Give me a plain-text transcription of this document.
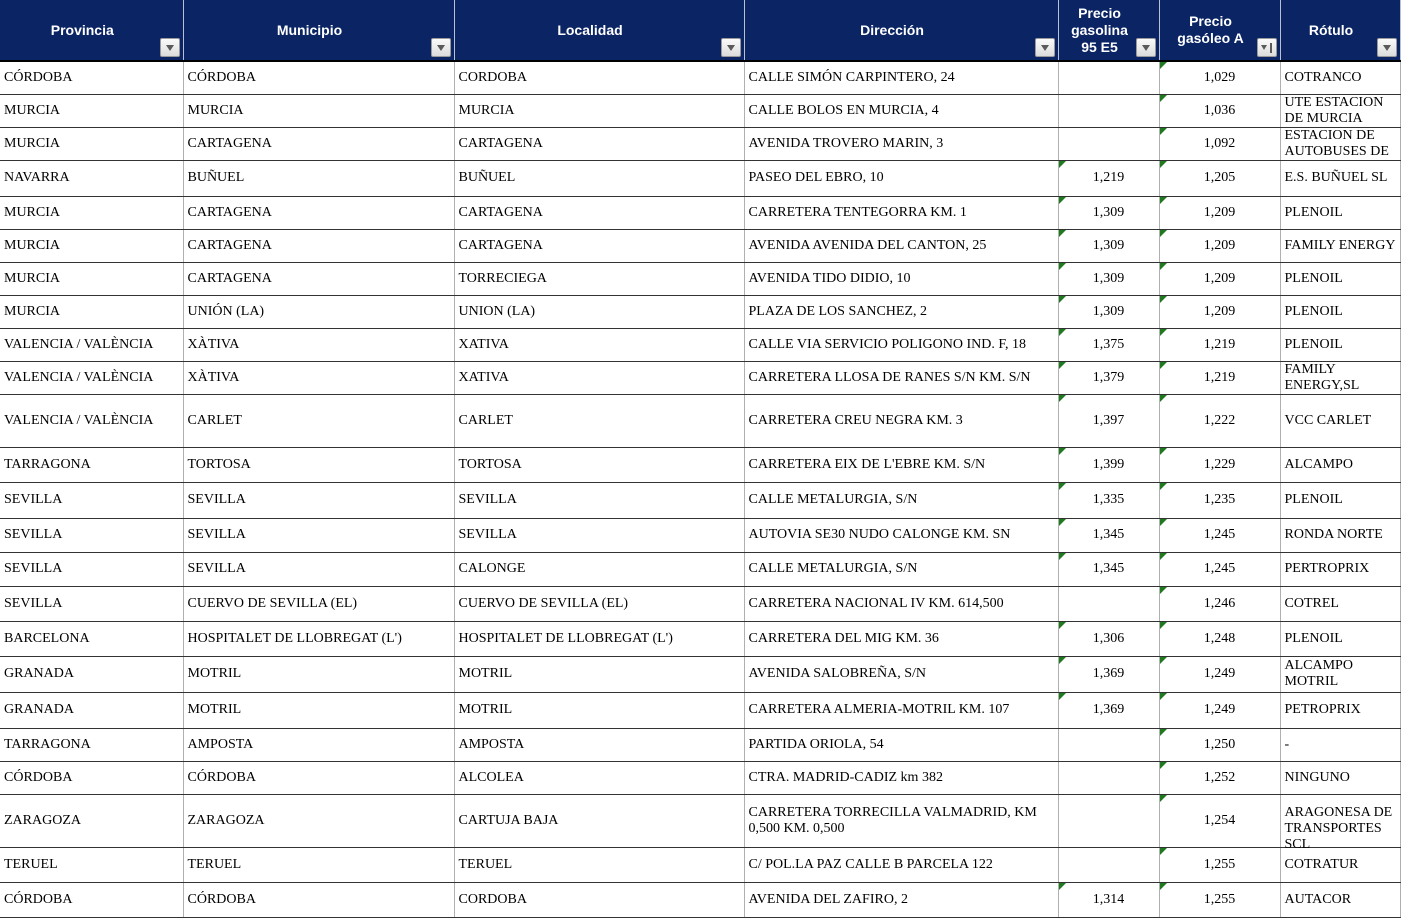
Provincia	Municipio	Localidad	Dirección	Precio gasolina 95 E5	Precio gasóleo A	Rótulo

CÓRDOBA	CÓRDOBA	CORDOBA	CALLE SIMÓN CARPINTERO, 24		1,029	COTRANCO

MURCIA	MURCIA	MURCIA	CALLE BOLOS EN MURCIA, 4		1,036	UTE ESTACION DE MURCIA

MURCIA	CARTAGENA	CARTAGENA	AVENIDA TROVERO MARIN, 3		1,092	ESTACION DE AUTOBUSES DE

NAVARRA	BUÑUEL	BUÑUEL	PASEO DEL EBRO, 10	1,219	1,205	E.S. BUÑUEL SL

MURCIA	CARTAGENA	CARTAGENA	CARRETERA TENTEGORRA KM. 1	1,309	1,209	PLENOIL

MURCIA	CARTAGENA	CARTAGENA	AVENIDA AVENIDA DEL CANTON, 25	1,309	1,209	FAMILY ENERGY

MURCIA	CARTAGENA	TORRECIEGA	AVENIDA TIDO DIDIO, 10	1,309	1,209	PLENOIL

MURCIA	UNIÓN (LA)	UNION (LA)	PLAZA DE LOS SANCHEZ, 2	1,309	1,209	PLENOIL

VALENCIA / VALÈNCIA	XÀTIVA	XATIVA	CALLE VIA SERVICIO POLIGONO IND. F, 18	1,375	1,219	PLENOIL

VALENCIA / VALÈNCIA	XÀTIVA	XATIVA	CARRETERA LLOSA DE RANES S/N KM. S/N	1,379	1,219	FAMILY ENERGY,SL

VALENCIA / VALÈNCIA	CARLET	CARLET	CARRETERA CREU NEGRA KM. 3	1,397	1,222	VCC CARLET

TARRAGONA	TORTOSA	TORTOSA	CARRETERA EIX DE L'EBRE KM. S/N	1,399	1,229	ALCAMPO

SEVILLA	SEVILLA	SEVILLA	CALLE METALURGIA, S/N	1,335	1,235	PLENOIL

SEVILLA	SEVILLA	SEVILLA	AUTOVIA SE30 NUDO CALONGE KM. SN	1,345	1,245	RONDA NORTE

SEVILLA	SEVILLA	CALONGE	CALLE METALURGIA, S/N	1,345	1,245	PERTROPRIX

SEVILLA	CUERVO DE SEVILLA (EL)	CUERVO DE SEVILLA (EL)	CARRETERA NACIONAL IV KM. 614,500		1,246	COTREL

BARCELONA	HOSPITALET DE LLOBREGAT (L')	HOSPITALET DE LLOBREGAT (L')	CARRETERA DEL MIG KM. 36	1,306	1,248	PLENOIL

GRANADA	MOTRIL	MOTRIL	AVENIDA SALOBREÑA, S/N	1,369	1,249	ALCAMPO MOTRIL

GRANADA	MOTRIL	MOTRIL	CARRETERA ALMERIA-MOTRIL KM. 107	1,369	1,249	PETROPRIX

TARRAGONA	AMPOSTA	AMPOSTA	PARTIDA ORIOLA, 54		1,250	-

CÓRDOBA	CÓRDOBA	ALCOLEA	CTRA. MADRID-CADIZ km 382		1,252	NINGUNO

ZARAGOZA	ZARAGOZA	CARTUJA BAJA	CARRETERA TORRECILLA VALMADRID, KM 0,500 KM. 0,500		1,254	ARAGONESA DE TRANSPORTES SCL

TERUEL	TERUEL	TERUEL	C/ POL.LA PAZ CALLE B PARCELA 122		1,255	COTRATUR

CÓRDOBA	CÓRDOBA	CORDOBA	AVENIDA DEL ZAFIRO, 2	1,314	1,255	AUTACOR
